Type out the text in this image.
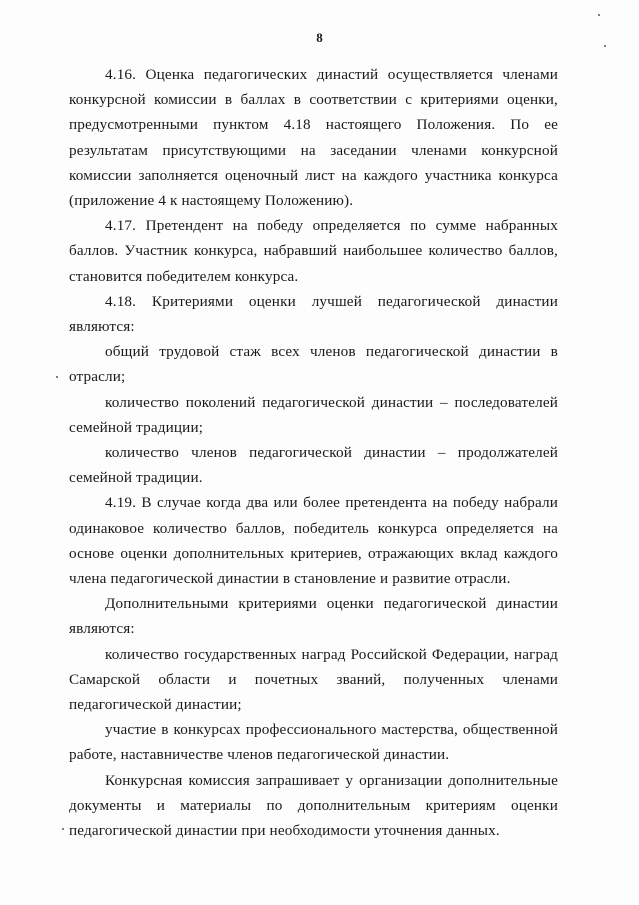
8

4.16. Оценка педагогических династий осуществляется членами конкурсной комиссии в баллах в соответствии с критериями оценки, предусмотренными пунктом 4.18 настоящего Положения. По ее результатам присутствующими на заседании членами конкурсной комиссии заполняется оценочный лист на каждого участника конкурса (приложение 4 к настоящему Положению).

4.17. Претендент на победу определяется по сумме набранных баллов. Участник конкурса, набравший наибольшее количество баллов, становится победителем конкурса.

4.18. Критериями оценки лучшей педагогической династии являются:

общий трудовой стаж всех членов педагогической династии в отрасли;

количество поколений педагогической династии – последователей семейной традиции;

количество членов педагогической династии – продолжателей семейной традиции.

4.19. В случае когда два или более претендента на победу набрали одинаковое количество баллов, победитель конкурса определяется на основе оценки дополнительных критериев, отражающих вклад каждого члена педагогической династии в становление и развитие отрасли.

Дополнительными критериями оценки педагогической династии являются:

количество государственных наград Российской Федерации, наград Самарской области и почетных званий, полученных членами педагогической династии;

участие в конкурсах профессионального мастерства, общественной работе, наставничестве членов педагогической династии.

Конкурсная комиссия запрашивает у организации дополнительные документы и материалы по дополнительным критериям оценки педагогической династии при необходимости уточнения данных.
